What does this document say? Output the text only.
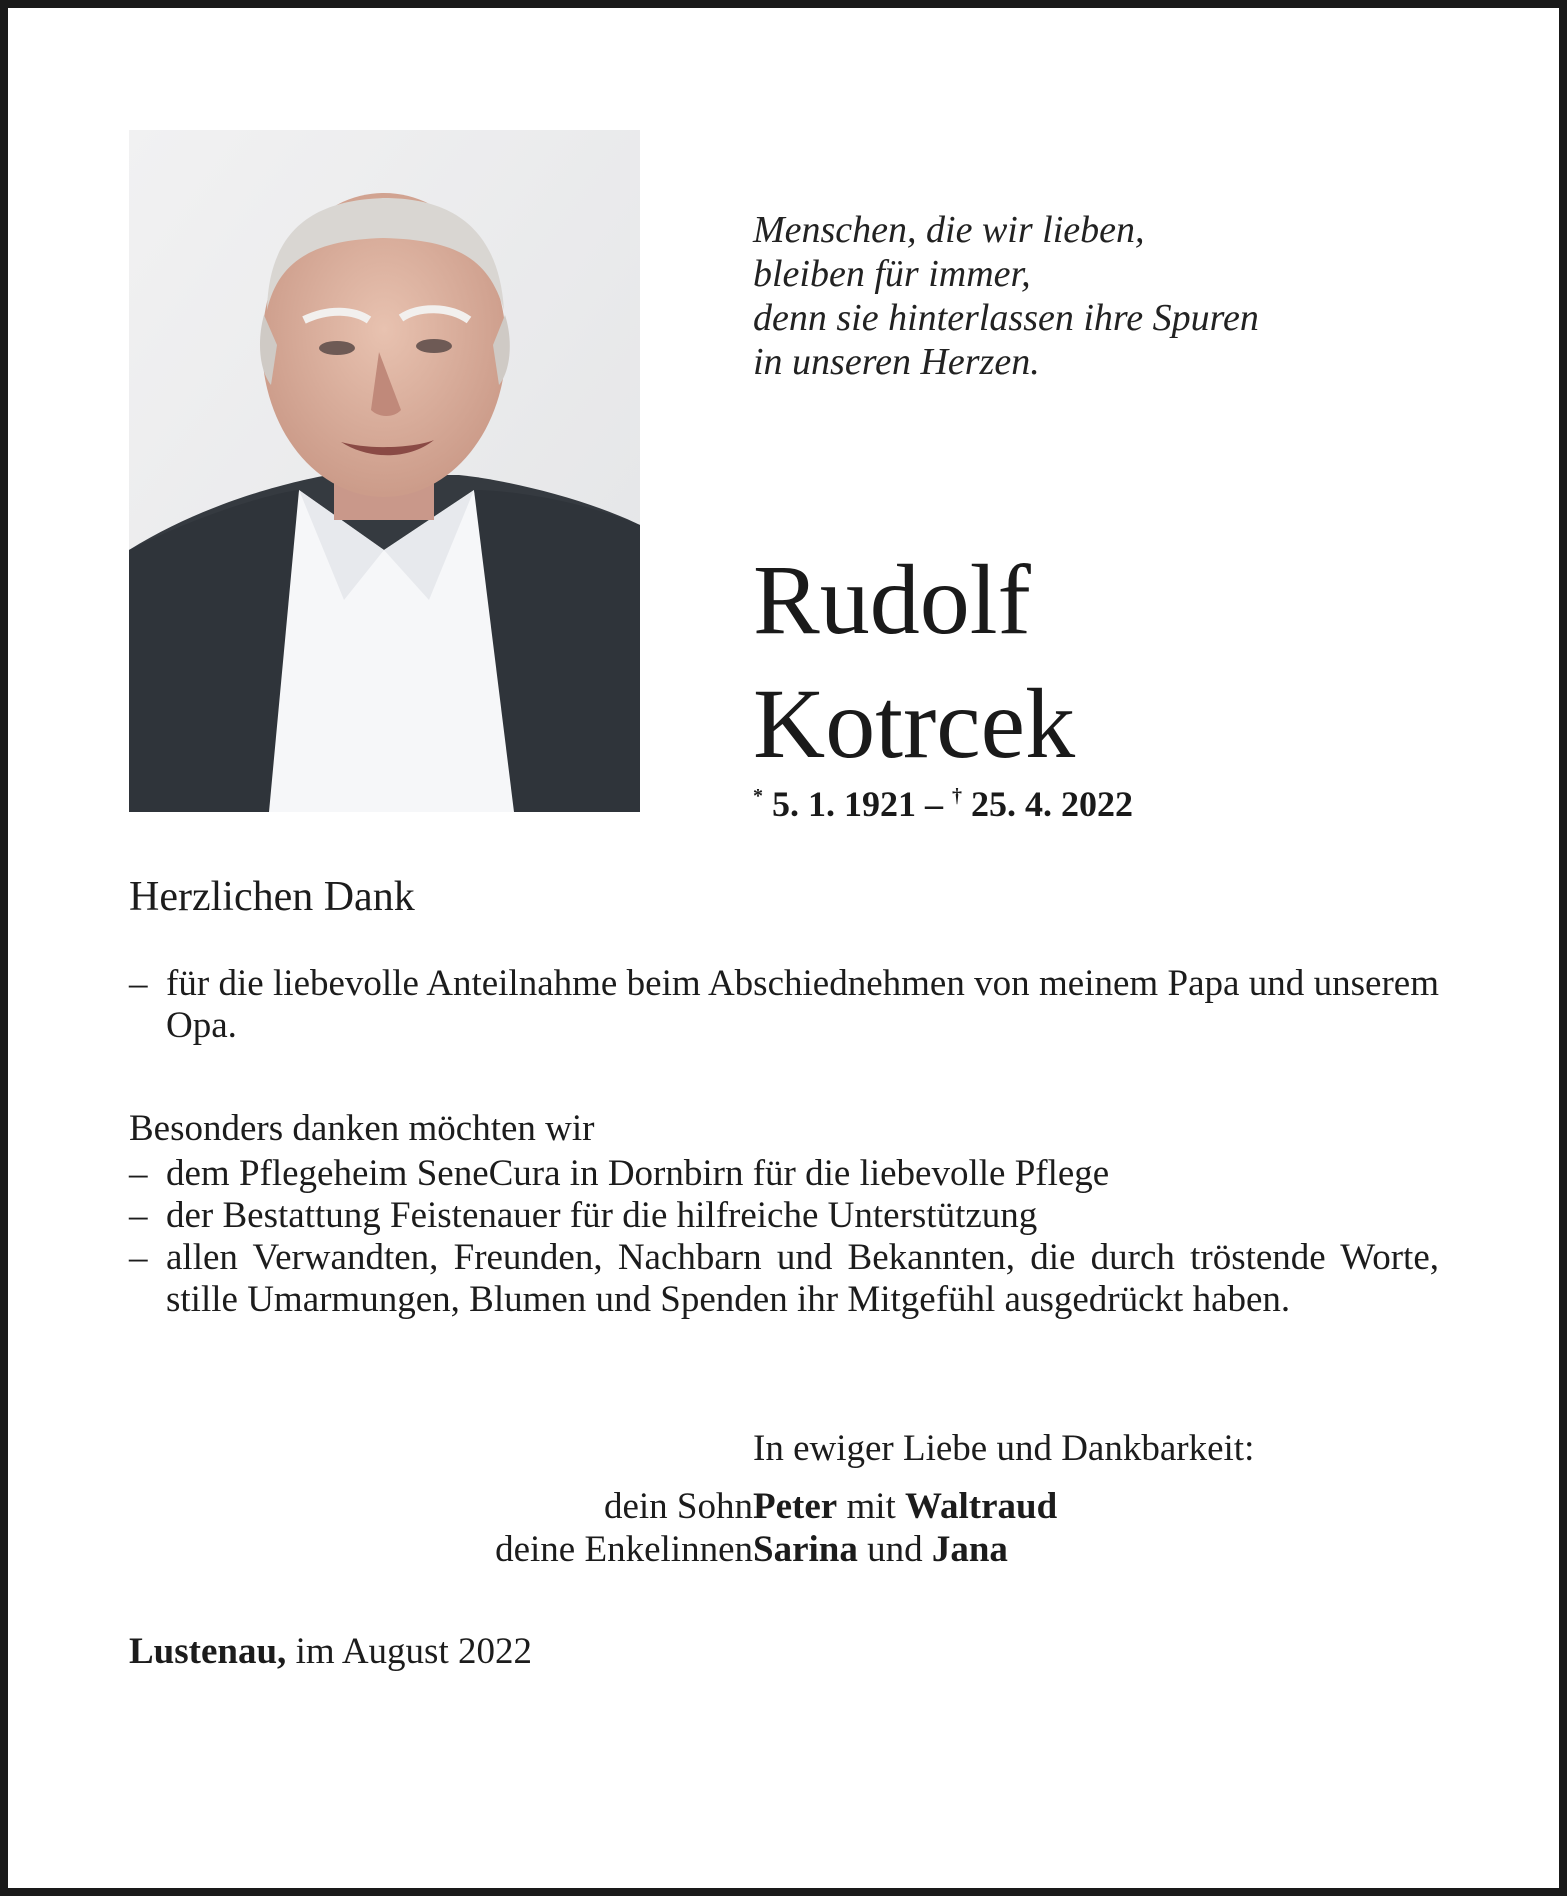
Menschen, die wir lieben,
bleiben für immer,
denn sie hinterlassen ihre Spuren
in unseren Herzen.
Rudolf
Kotrcek
* 5. 1. 1921 – † 25. 4. 2022
Herzlichen Dank
– für die liebevolle Anteilnahme beim Abschiednehmen von meinem Papa und unserem Opa.
Besonders danken möchten wir
– dem Pflegeheim SeneCura in Dornbirn für die liebevolle Pflege
– der Bestattung Feistenauer für die hilfreiche Unterstützung
– allen Verwandten, Freunden, Nachbarn und Bekannten, die durch tröstende Worte, stille Umarmungen, Blumen und Spenden ihr Mitgefühl ausgedrückt haben.
In ewiger Liebe und Dankbarkeit:
dein Sohn Peter mit Waltraud
deine Enkelinnen Sarina und Jana
Lustenau, im August 2022
